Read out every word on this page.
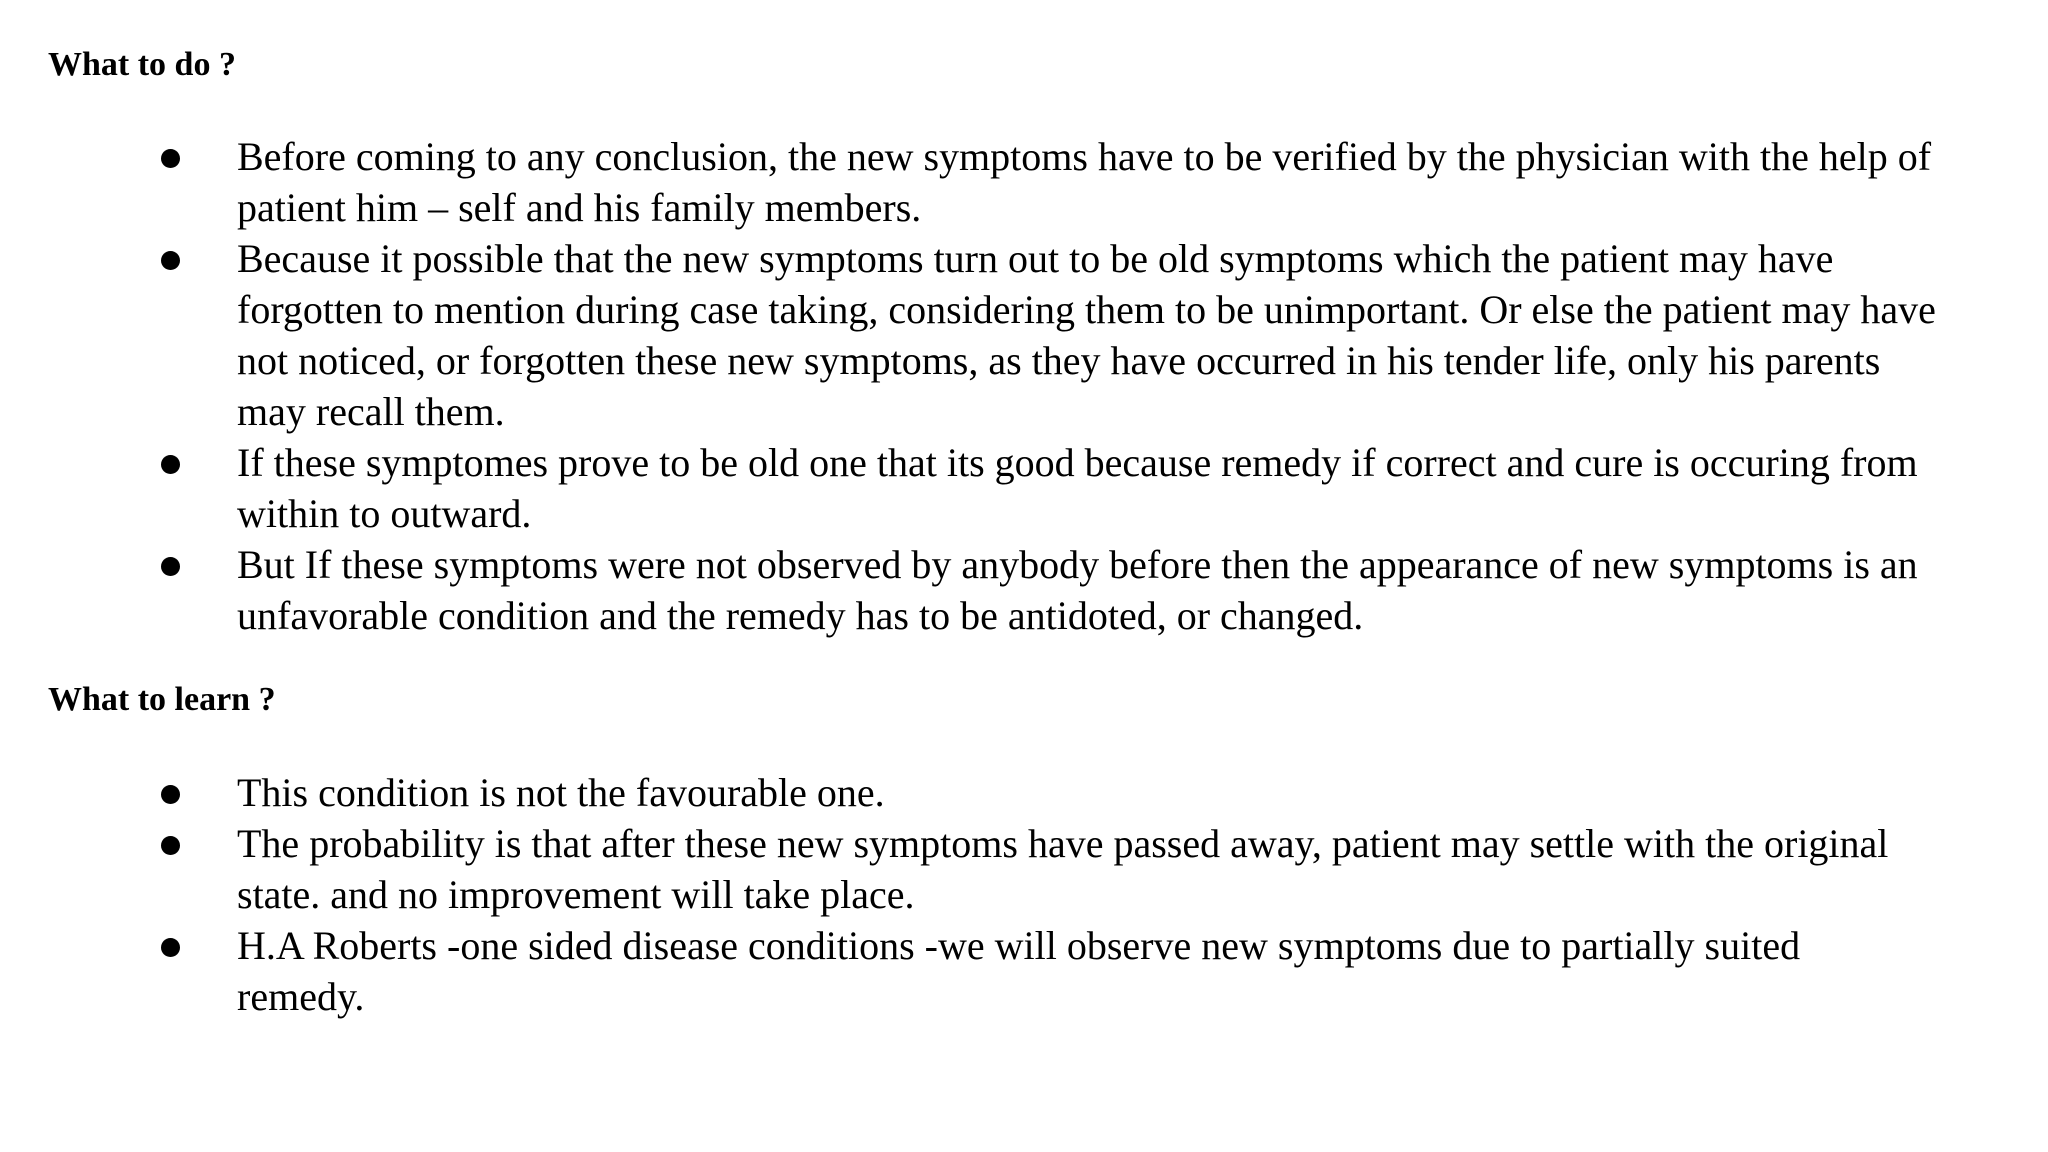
What to do ?
Before coming to any conclusion, the new symptoms have to be verified by the physician with the help of patient him – self and his family members.
Because it possible that the new symptoms turn out to be old symptoms which the patient may have forgotten to mention during case taking, considering them to be unimportant. Or else the patient may have not noticed, or forgotten these new symptoms, as they have occurred in his tender life, only his parents may recall them.
If these symptomes prove to be old one that its good because remedy if correct and cure is occuring from within to outward.
But If these symptoms were not observed by anybody before then the appearance of new symptoms is an unfavorable condition and the remedy has to be antidoted, or changed.
What to learn ?
This condition is not the favourable one.
The probability is that after these new symptoms have passed away, patient may settle with the original state. and no improvement will take place.
H.A Roberts -one sided disease conditions -we will observe new symptoms due to partially suited remedy.
